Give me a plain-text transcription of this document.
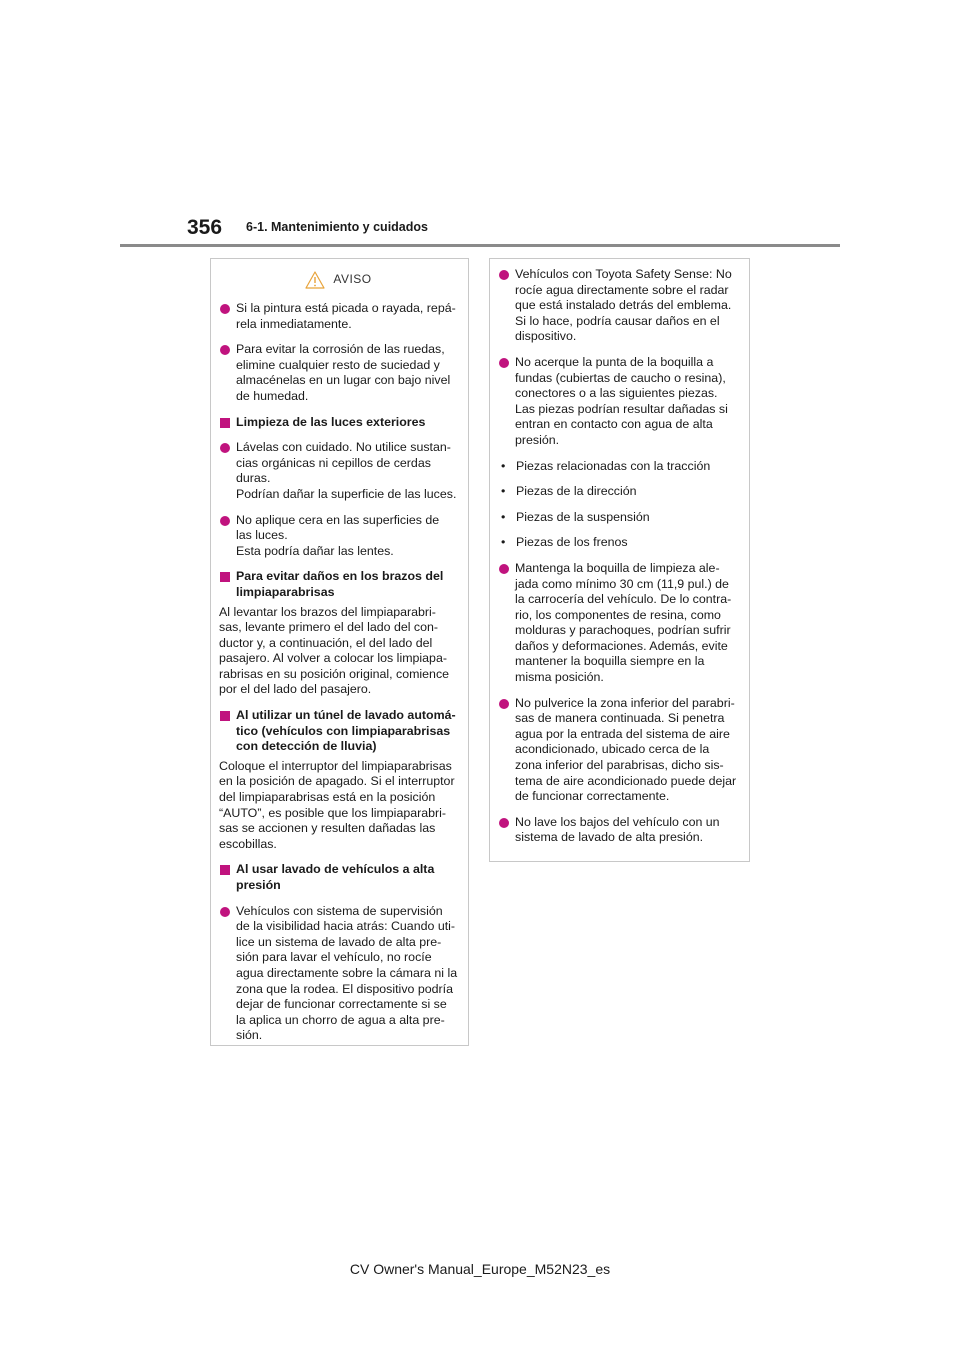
356 6-1. Mantenimiento y cuidados
AVISO
Si la pintura está picada o rayada, repá-rela inmediatamente.
Para evitar la corrosión de las ruedas, elimine cualquier resto de suciedad y almacénelas en un lugar con bajo nivel de humedad.
Limpieza de las luces exteriores
Lávelas con cuidado. No utilice sustan-cias orgánicas ni cepillos de cerdas duras.
Podrían dañar la superficie de las luces.
No aplique cera en las superficies de las luces.
Esta podría dañar las lentes.
Para evitar daños en los brazos del limpiaparabrisas
Al levantar los brazos del limpiaparabri-sas, levante primero el del lado del con-ductor y, a continuación, el del lado del pasajero. Al volver a colocar los limpiapa-rabrisas en su posición original, comience por el del lado del pasajero.
Al utilizar un túnel de lavado automá-tico (vehículos con limpiaparabrisas con detección de lluvia)
Coloque el interruptor del limpiaparabrisas en la posición de apagado. Si el interruptor del limpiaparabrisas está en la posición “AUTO”, es posible que los limpiaparabri-sas se accionen y resulten dañadas las escobillas.
Al usar lavado de vehículos a alta presión
Vehículos con sistema de supervisión de la visibilidad hacia atrás: Cuando uti-lice un sistema de lavado de alta pre-sión para lavar el vehículo, no rocíe agua directamente sobre la cámara ni la zona que la rodea. El dispositivo podría dejar de funcionar correctamente si se la aplica un chorro de agua a alta pre-sión.
Vehículos con Toyota Safety Sense: No rocíe agua directamente sobre el radar que está instalado detrás del emblema. Si lo hace, podría causar daños en el dispositivo.
No acerque la punta de la boquilla a fundas (cubiertas de caucho o resina), conectores o a las siguientes piezas. Las piezas podrían resultar dañadas si entran en contacto con agua de alta presión.
• Piezas relacionadas con la tracción
• Piezas de la dirección
• Piezas de la suspensión
• Piezas de los frenos
Mantenga la boquilla de limpieza ale-jada como mínimo 30 cm (11,9 pul.) de la carrocería del vehículo. De lo contra-rio, los componentes de resina, como molduras y parachoques, podrían sufrir daños y deformaciones. Además, evite mantener la boquilla siempre en la misma posición.
No pulverice la zona inferior del parabri-sas de manera continuada. Si penetra agua por la entrada del sistema de aire acondicionado, ubicado cerca de la zona inferior del parabrisas, dicho sis-tema de aire acondicionado puede dejar de funcionar correctamente.
No lave los bajos del vehículo con un sistema de lavado de alta presión.
CV Owner's Manual_Europe_M52N23_es
